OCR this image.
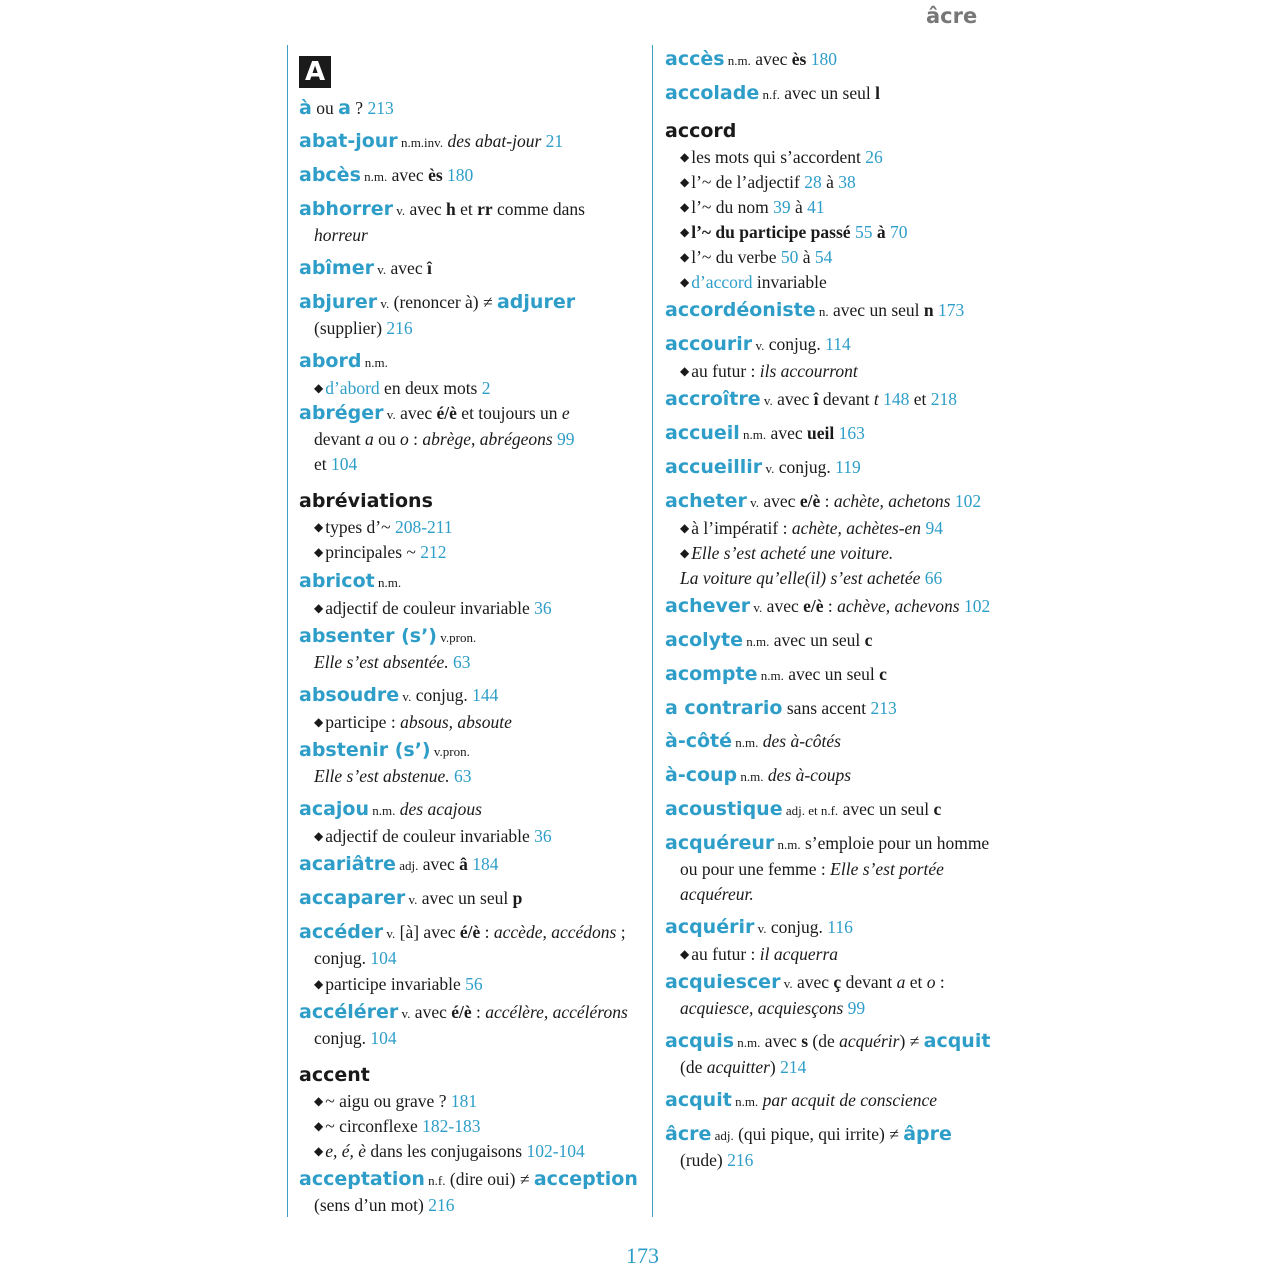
âcre
A
à ou a ? 213
abat-jour n.m.inv. des abat-jour 21
abcès n.m. avec ès 180
abhorrer v. avec h et rr comme dans
horreur
abîmer v. avec î
abjurer v. (renoncer à) ≠ adjurer
(supplier) 216
abord n.m.
◆ d’abord en deux mots 2
abréger v. avec é/è et toujours un e
devant a ou o : abrège, abrégeons 99
et 104
abréviations
◆ types d’~ 208-211
◆ principales ~ 212
abricot n.m.
◆ adjectif de couleur invariable 36
absenter (s’) v.pron.
Elle s’est absentée. 63
absoudre v. conjug. 144
◆ participe : absous, absoute
abstenir (s’) v.pron.
Elle s’est abstenue. 63
acajou n.m. des acajous
◆ adjectif de couleur invariable 36
acariâtre adj. avec â 184
accaparer v. avec un seul p
accéder v. [à] avec é/è : accède, accédons ;
conjug. 104
◆ participe invariable 56
accélérer v. avec é/è : accélère, accélérons
conjug. 104
accent
◆ ~ aigu ou grave ? 181
◆ ~ circonflexe 182-183
◆ e, é, è dans les conjugaisons 102-104
acceptation n.f. (dire oui) ≠ acception
(sens d’un mot) 216
accès n.m. avec ès 180
accolade n.f. avec un seul l
accord
◆ les mots qui s’accordent 26
◆ l’~ de l’adjectif 28 à 38
◆ l’~ du nom 39 à 41
◆ l’~ du participe passé 55 à 70
◆ l’~ du verbe 50 à 54
◆ d’accord invariable
accordéoniste n. avec un seul n 173
accourir v. conjug. 114
◆ au futur : ils accourront
accroître v. avec î devant t 148 et 218
accueil n.m. avec ueil 163
accueillir v. conjug. 119
acheter v. avec e/è : achète, achetons 102
◆ à l’impératif : achète, achètes-en 94
◆ Elle s’est acheté une voiture.
La voiture qu’elle(il) s’est achetée 66
achever v. avec e/è : achève, achevons 102
acolyte n.m. avec un seul c
acompte n.m. avec un seul c
a contrario sans accent 213
à-côté n.m. des à-côtés
à-coup n.m. des à-coups
acoustique adj. et n.f. avec un seul c
acquéreur n.m. s’emploie pour un homme
ou pour une femme : Elle s’est portée
acquéreur.
acquérir v. conjug. 116
◆ au futur : il acquerra
acquiescer v. avec ç devant a et o :
acquiesce, acquiesçons 99
acquis n.m. avec s (de acquérir) ≠ acquit
(de acquitter) 214
acquit n.m. par acquit de conscience
âcre adj. (qui pique, qui irrite) ≠ âpre
(rude) 216
173
